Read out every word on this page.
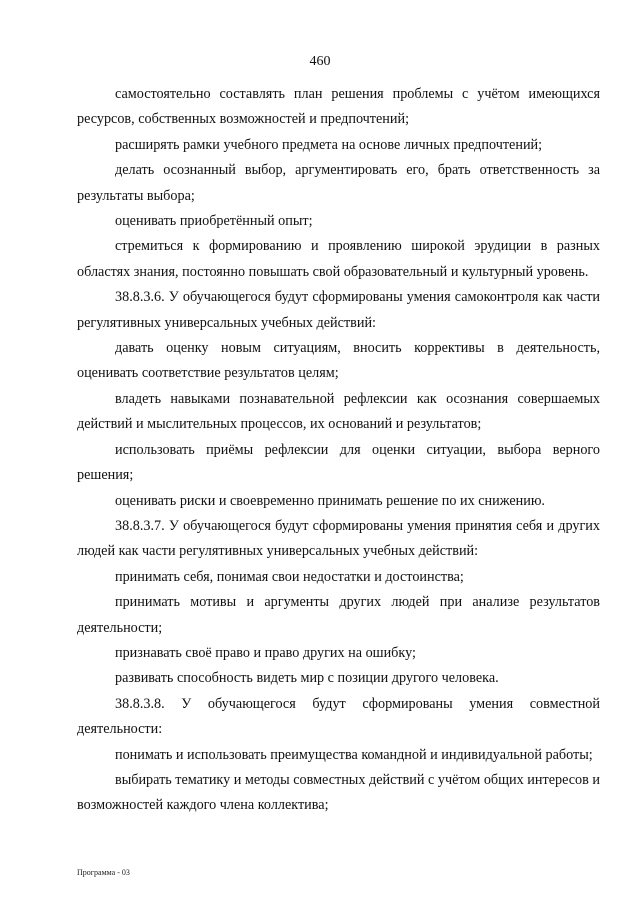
460

самостоятельно составлять план решения проблемы с учётом имеющихся ресурсов, собственных возможностей и предпочтений;

расширять рамки учебного предмета на основе личных предпочтений;

делать осознанный выбор, аргументировать его, брать ответственность за результаты выбора;

оценивать приобретённый опыт;

стремиться к формированию и проявлению широкой эрудиции в разных областях знания, постоянно повышать свой образовательный и культурный уровень.

38.8.3.6. У обучающегося будут сформированы умения самоконтроля как части регулятивных универсальных учебных действий:

давать оценку новым ситуациям, вносить коррективы в деятельность, оценивать соответствие результатов целям;

владеть навыками познавательной рефлексии как осознания совершаемых действий и мыслительных процессов, их оснований и результатов;

использовать приёмы рефлексии для оценки ситуации, выбора верного решения;

оценивать риски и своевременно принимать решение по их снижению.

38.8.3.7. У обучающегося будут сформированы умения принятия себя и других людей как части регулятивных универсальных учебных действий:

принимать себя, понимая свои недостатки и достоинства;

принимать мотивы и аргументы других людей при анализе результатов деятельности;

признавать своё право и право других на ошибку;

развивать способность видеть мир с позиции другого человека.

38.8.3.8. У обучающегося будут сформированы умения совместной деятельности:

понимать и использовать преимущества командной и индивидуальной работы;

выбирать тематику и методы совместных действий с учётом общих интересов и возможностей каждого члена коллектива;

Программа - 03
